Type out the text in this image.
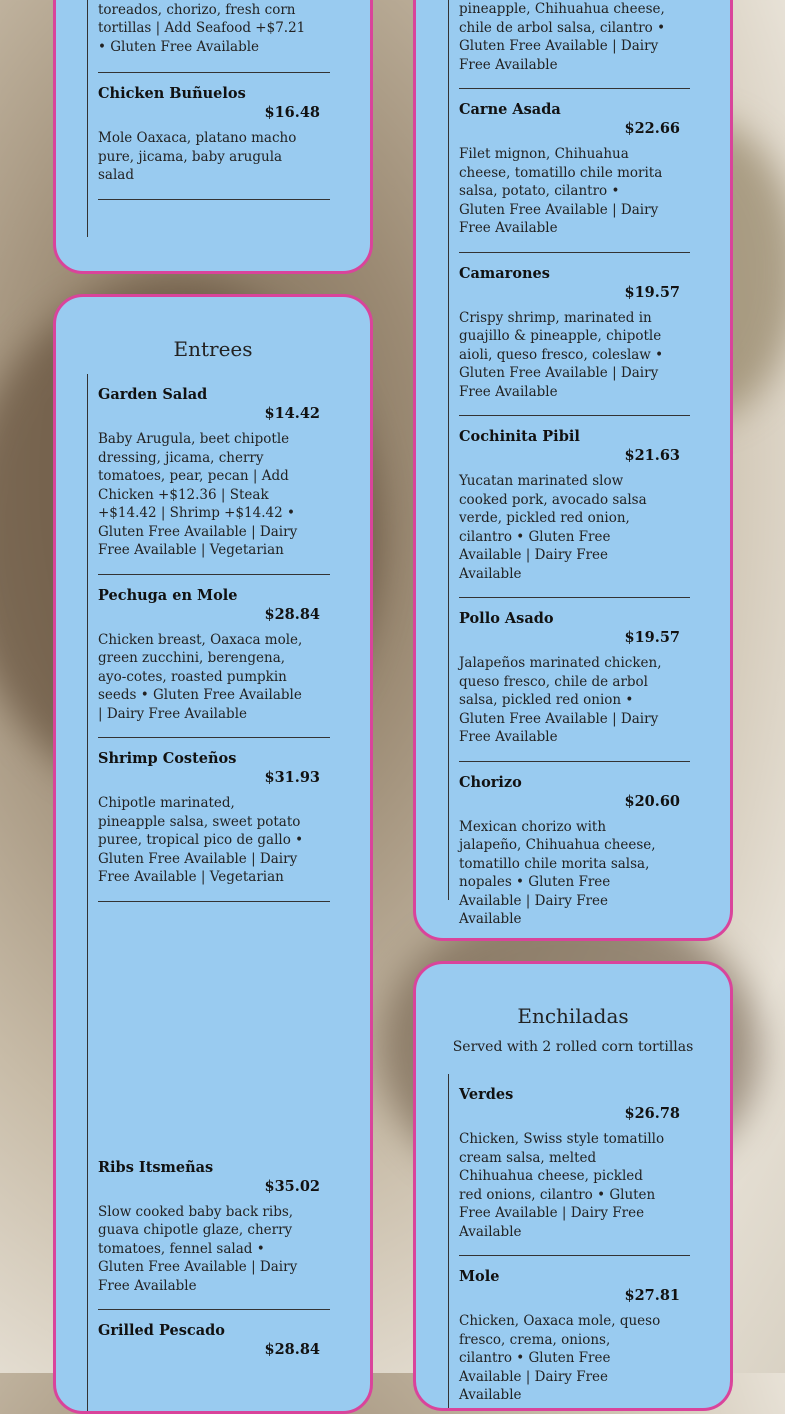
toreados, chorizo, fresh corn tortillas | Add Seafood +$7.21 • Gluten Free Available
Chicken Buñuelos
$16.48
Mole Oaxaca, platano macho pure, jicama, baby arugula salad
Entrees
Garden Salad
$14.42
Baby Arugula, beet chipotle dressing, jicama, cherry tomatoes, pear, pecan | Add Chicken +$12.36 | Steak +$14.42 | Shrimp +$14.42 • Gluten Free Available | Dairy Free Available | Vegetarian
Pechuga en Mole
$28.84
Chicken breast, Oaxaca mole, green zucchini, berengena, ayo-cotes, roasted pumpkin seeds • Gluten Free Available | Dairy Free Available
Shrimp Costeños
$31.93
Chipotle marinated, pineapple salsa, sweet potato puree, tropical pico de gallo • Gluten Free Available | Dairy Free Available | Vegetarian
Ribs Itsmeñas
$35.02
Slow cooked baby back ribs, guava chipotle glaze, cherry tomatoes, fennel salad • Gluten Free Available | Dairy Free Available
Grilled Pescado
$28.84
pineapple, Chihuahua cheese, chile de arbol salsa, cilantro • Gluten Free Available | Dairy Free Available
Carne Asada
$22.66
Filet mignon, Chihuahua cheese, tomatillo chile morita salsa, potato, cilantro • Gluten Free Available | Dairy Free Available
Camarones
$19.57
Crispy shrimp, marinated in guajillo & pineapple, chipotle aioli, queso fresco, coleslaw • Gluten Free Available | Dairy Free Available
Cochinita Pibil
$21.63
Yucatan marinated slow cooked pork, avocado salsa verde, pickled red onion, cilantro • Gluten Free Available | Dairy Free Available
Pollo Asado
$19.57
Jalapeños marinated chicken, queso fresco, chile de arbol salsa, pickled red onion • Gluten Free Available | Dairy Free Available
Chorizo
$20.60
Mexican chorizo with jalapeño, Chihuahua cheese, tomatillo chile morita salsa, nopales • Gluten Free Available | Dairy Free Available
Enchiladas
Served with 2 rolled corn tortillas
Verdes
$26.78
Chicken, Swiss style tomatillo cream salsa, melted Chihuahua cheese, pickled red onions, cilantro • Gluten Free Available | Dairy Free Available
Mole
$27.81
Chicken, Oaxaca mole, queso fresco, crema, onions, cilantro • Gluten Free Available | Dairy Free Available
